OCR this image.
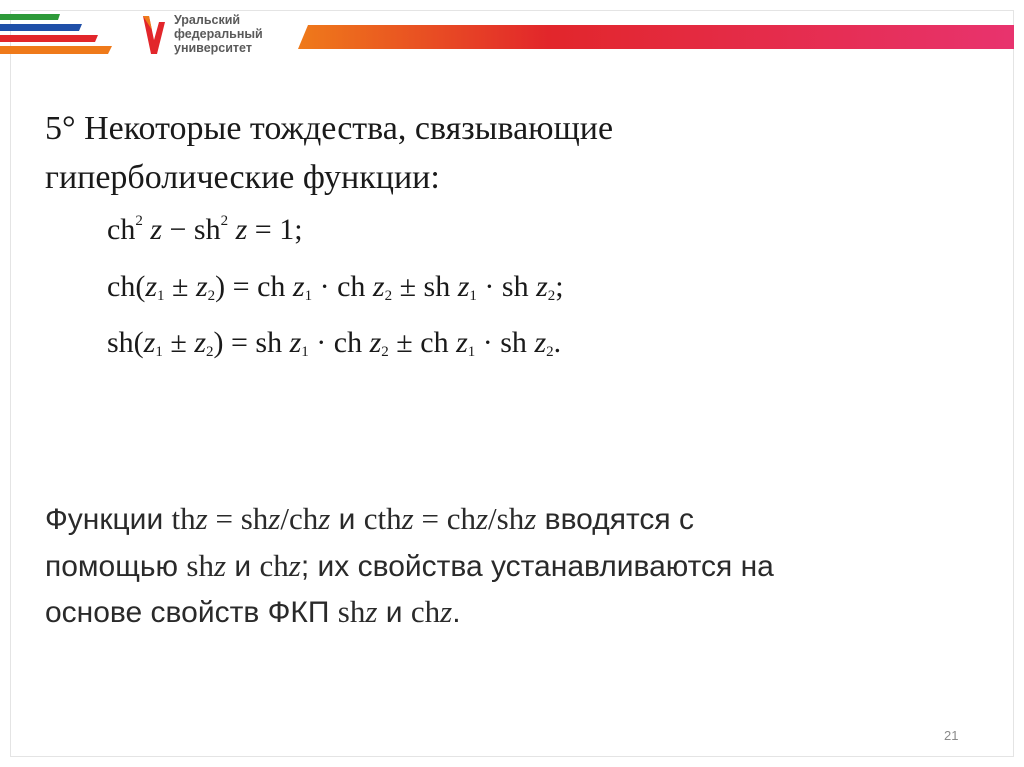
Уральский
федеральный
университет
5° Некоторые тождества, связывающие
гиперболические функции:
$ch^2$ $z - sh^2$ z = 1;
$ch(z_1 \pm z_2)$ = ch $z_1$ · ch $z_2$ ± sh $z_1$ · sh $z_2$;
$sh(z_1 \pm z_2)$ = sh $z_1$ · ch $z_2$ ± ch $z_1$ · sh $z_2$.
Функции thz = shz/chz и cthz = chz/shz вводятся с
помощью shz и chz; их свойства устанавливаются на
основе свойств ФКП shz и chz.
21
